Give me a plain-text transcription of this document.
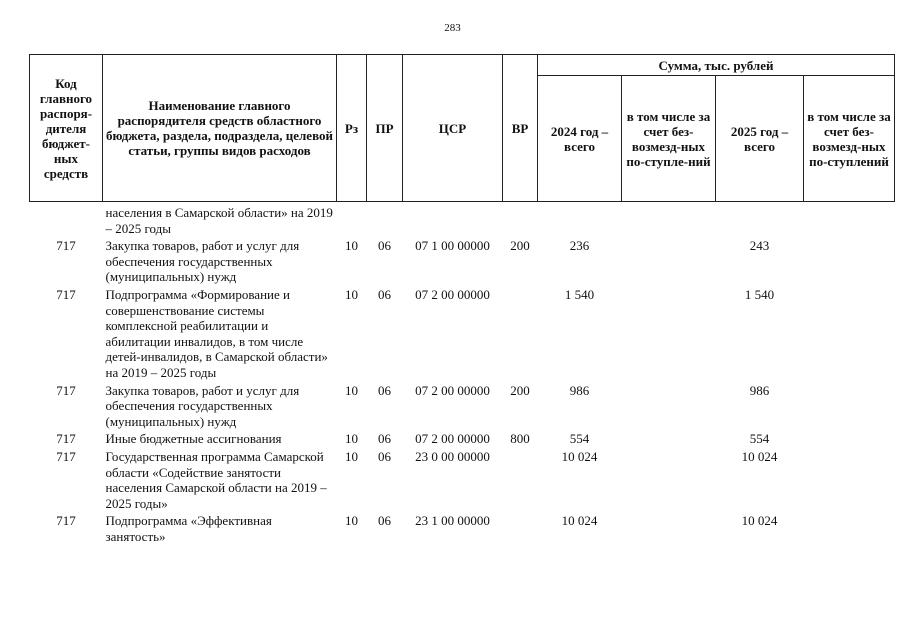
283
Код главного распоря-дителя бюджет-ных средств	Наименование главного распорядителя средств областного бюджета, раздела, подраздела, целевой статьи, группы видов расходов	Рз	ПР	ЦСР	ВР	Сумма, тыс. рублей			
						2024 год – всего	в том числе за счет без-возмезд-ных по-ступле-ний	2025 год – всего	в том числе за счет без-возмезд-ных по-ступлений
	населения в Самарской области» на 2019 – 2025 годы								
717	Закупка товаров, работ и услуг для обеспечения государственных (муниципальных) нужд	10	06	07 1 00 00000	200	236		243	
717	Подпрограмма «Формирование и совершенствование системы комплексной реабилитации и абилитации инвалидов, в том числе детей-инвалидов, в Самарской области» на 2019 – 2025 годы	10	06	07 2 00 00000		1 540		1 540	
717	Закупка товаров, работ и услуг для обеспечения государственных (муниципальных) нужд	10	06	07 2 00 00000	200	986		986	
717	Иные бюджетные ассигнования	10	06	07 2 00 00000	800	554		554	
717	Государственная программа Самарской области «Содействие занятости населения Самарской области на 2019 – 2025 годы»	10	06	23 0 00 00000		10 024		10 024	
717	Подпрограмма «Эффективная занятость»	10	06	23 1 00 00000		10 024		10 024	
